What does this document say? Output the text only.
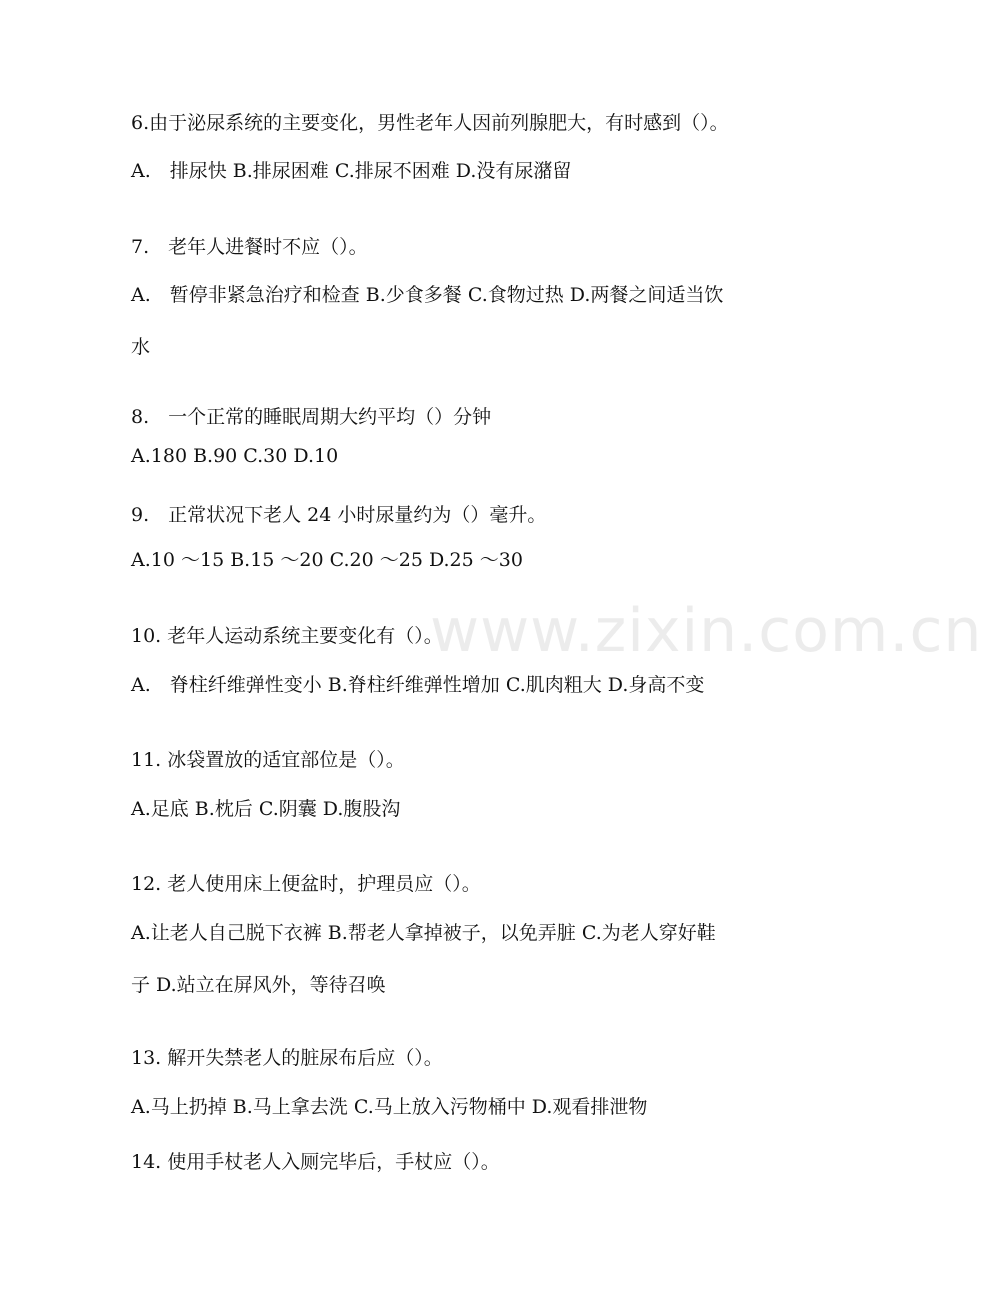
www.zixin.com.cn
6.由于泌尿系统的主要变化，男性老年人因前列腺肥大，有时感到（）。
A.　排尿快 B.排尿困难 C.排尿不困难 D.没有尿潴留
7.　老年人进餐时不应（）。
A.　暂停非紧急治疗和检查 B.少食多餐 C.食物过热 D.两餐之间适当饮
水
8.　一个正常的睡眠周期大约平均（）分钟
A.180 B.90 C.30 D.10
9.　正常状况下老人 24 小时尿量约为（）毫升。
A.10 ～15 B.15 ～20 C.20 ～25 D.25 ～30
10. 老年人运动系统主要变化有（）。
A.　脊柱纤维弹性变小 B.脊柱纤维弹性增加 C.肌肉粗大 D.身高不变
11. 冰袋置放的适宜部位是（）。
A.足底 B.枕后 C.阴囊 D.腹股沟
12. 老人使用床上便盆时，护理员应（）。
A.让老人自己脱下衣裤 B.帮老人拿掉被子，以免弄脏 C.为老人穿好鞋
子 D.站立在屏风外，等待召唤
13. 解开失禁老人的脏尿布后应（）。
A.马上扔掉 B.马上拿去洗 C.马上放入污物桶中 D.观看排泄物
14. 使用手杖老人入厕完毕后，手杖应（）。
